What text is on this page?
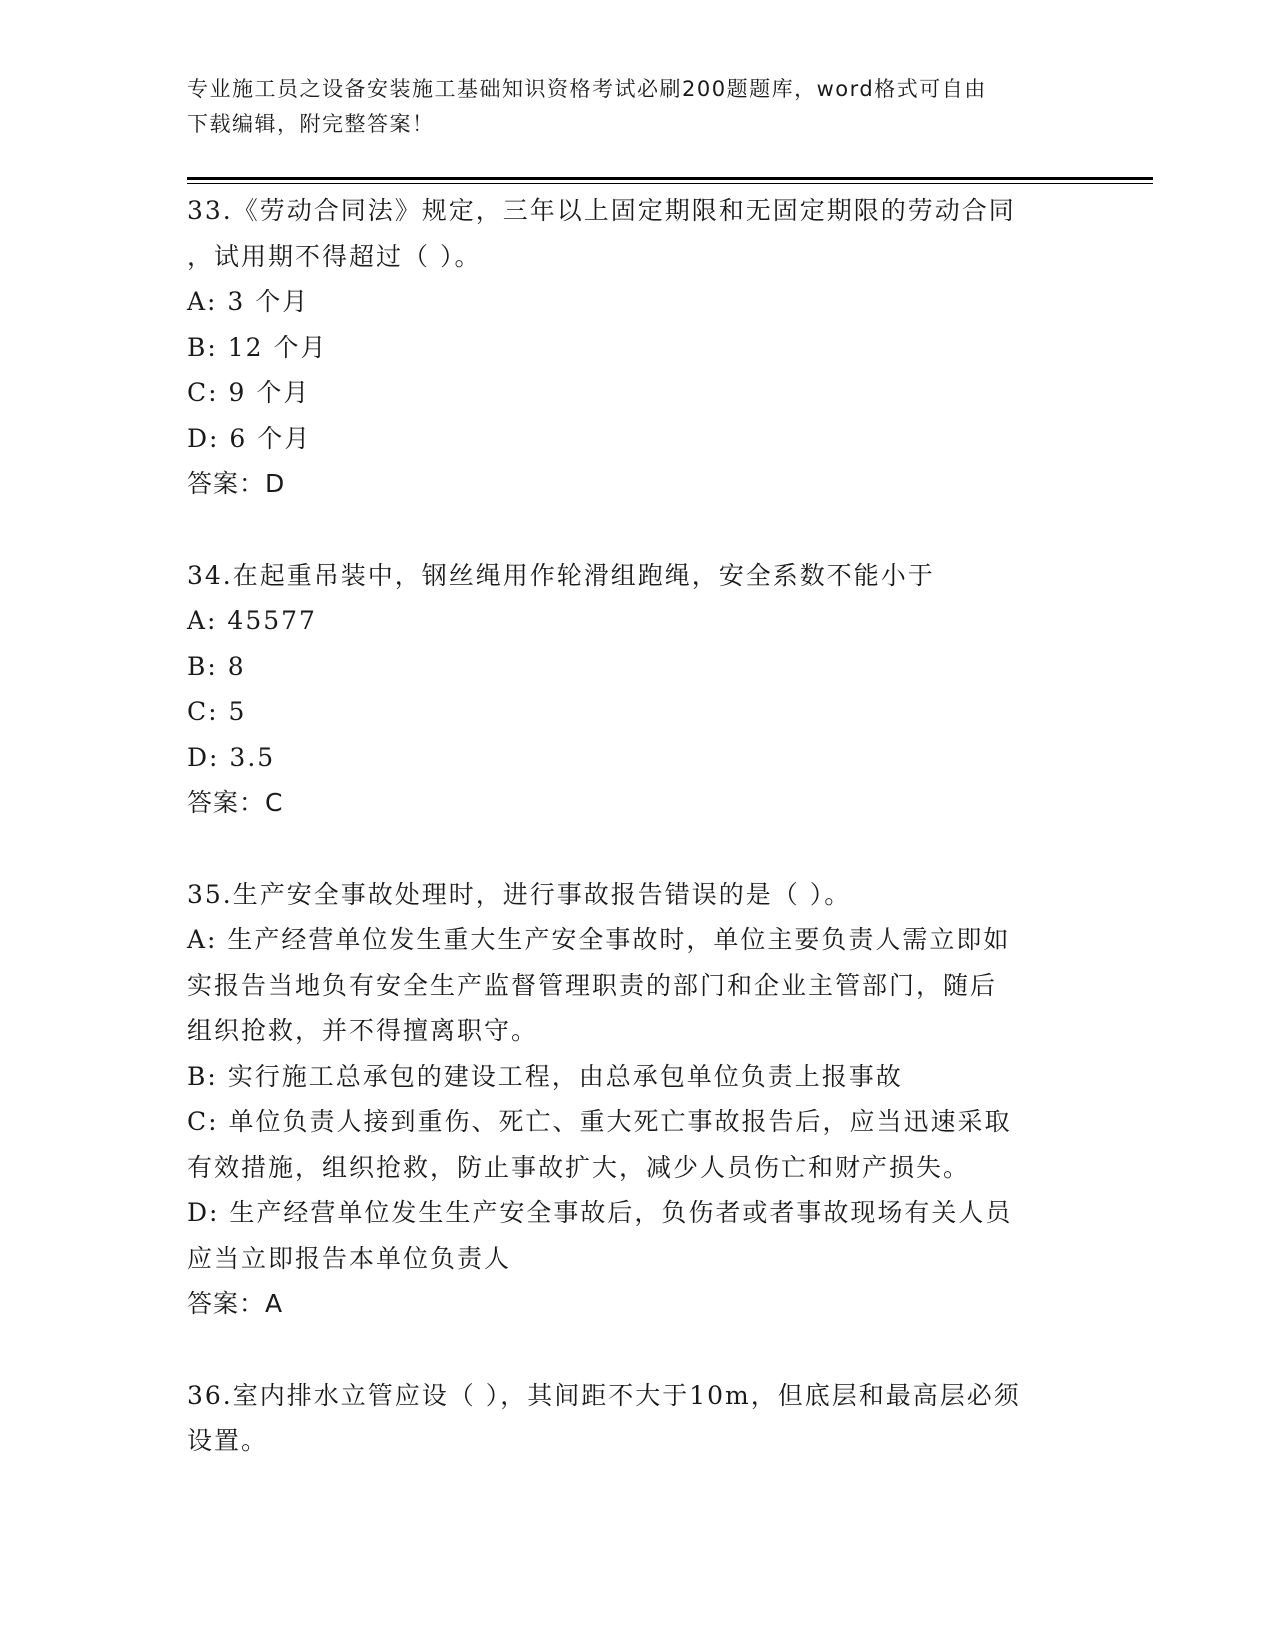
专业施工员之设备安装施工基础知识资格考试必刷200题题库，word格式可自由
下载编辑，附完整答案！
33.《劳动合同法》规定，三年以上固定期限和无固定期限的劳动合同
，试用期不得超过（ ）。
A: 3 个月
B: 12 个月
C: 9 个月
D: 6 个月
答案：D
34.在起重吊装中，钢丝绳用作轮滑组跑绳，安全系数不能小于
A: 45577
B: 8
C: 5
D: 3.5
答案：C
35.生产安全事故处理时，进行事故报告错误的是（ ）。
A: 生产经营单位发生重大生产安全事故时，单位主要负责人需立即如
实报告当地负有安全生产监督管理职责的部门和企业主管部门，随后
组织抢救，并不得擅离职守。
B: 实行施工总承包的建设工程，由总承包单位负责上报事故
C: 单位负责人接到重伤、死亡、重大死亡事故报告后，应当迅速采取
有效措施，组织抢救，防止事故扩大，减少人员伤亡和财产损失。
D: 生产经营单位发生生产安全事故后，负伤者或者事故现场有关人员
应当立即报告本单位负责人
答案：A
36.室内排水立管应设（ ），其间距不大于10m，但底层和最高层必须
设置。
